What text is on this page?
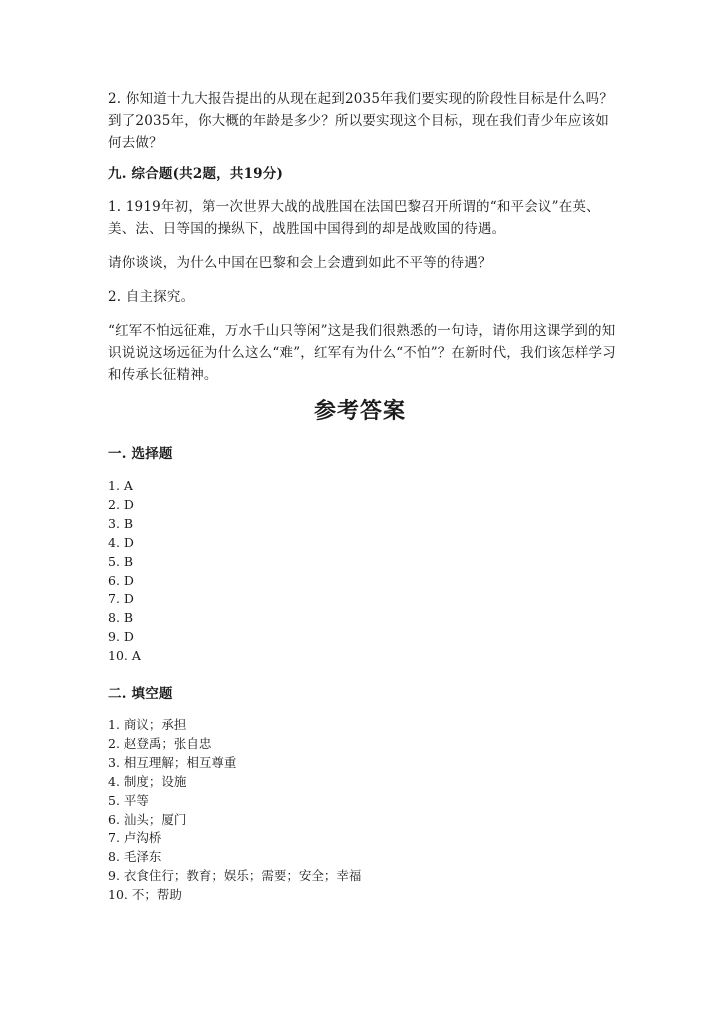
2. 你知道十九大报告提出的从现在起到2035年我们要实现的阶段性目标是什么吗？到了2035年，你大概的年龄是多少？所以要实现这个目标，现在我们青少年应该如何去做？

九. 综合题(共2题，共19分)

1. 1919年初，第一次世界大战的战胜国在法国巴黎召开所谓的“和平会议”在英、美、法、日等国的操纵下，战胜国中国得到的却是战败国的待遇。

请你谈谈，为什么中国在巴黎和会上会遭到如此不平等的待遇？

2. 自主探究。

“红军不怕远征难，万水千山只等闲”这是我们很熟悉的一句诗，请你用这课学到的知识说说这场远征为什么这么“难”，红军有为什么“不怕”？在新时代，我们该怎样学习和传承长征精神。

参考答案

一. 选择题

1. A
2. D
3. B
4. D
5. B
6. D
7. D
8. B
9. D
10. A

二. 填空题

1. 商议；承担
2. 赵登禹；张自忠
3. 相互理解；相互尊重
4. 制度；设施
5. 平等
6. 汕头；厦门
7. 卢沟桥
8. 毛泽东
9. 衣食住行；教育；娱乐；需要；安全；幸福
10. 不；帮助
